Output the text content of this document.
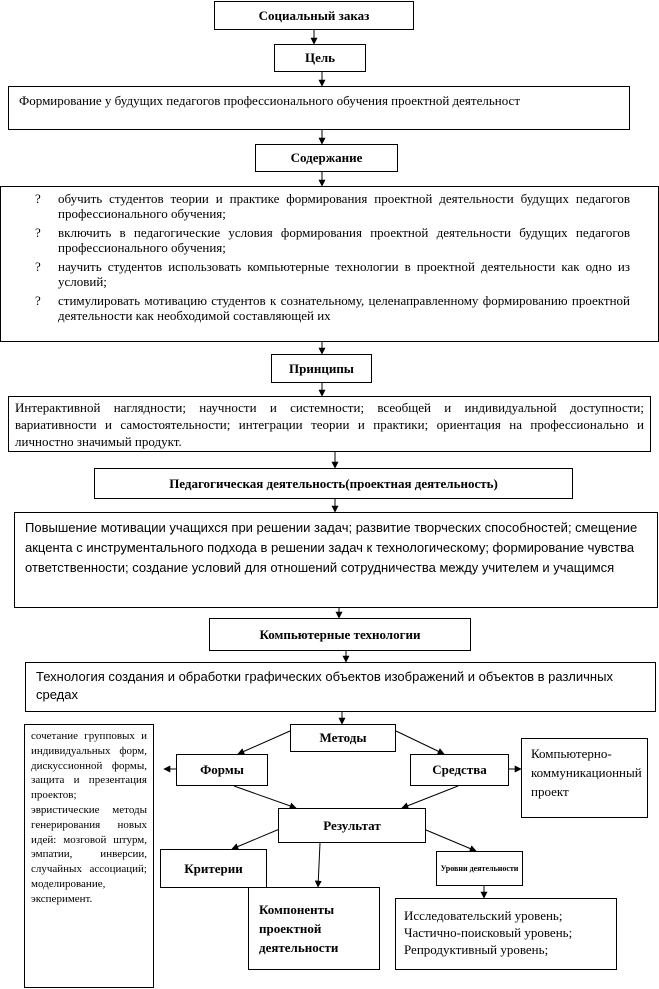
Социальный заказ
Цель
Формирование у будущих педагогов профессионального обучения проектной деятельност
Содержание
? обучить студентов теории и практике формирования проектной деятельности будущих педагогов профессионального обучения;
? включить в педагогические условия формирования проектной деятельности будущих педагогов профессионального обучения;
? научить студентов использовать компьютерные технологии в проектной деятельности как одно из условий;
? стимулировать мотивацию студентов к сознательному, целенаправленному формированию проектной деятельности как необходимой составляющей их
Принципы
Интерактивной наглядности; научности и системности; всеобщей и индивидуальной доступности; вариативности и самостоятельности; интеграции теории и практики; ориентация на профессионально и личностно значимый продукт.
Педагогическая деятельность(проектная деятельность)
Повышение мотивации учащихся при решении задач; развитие творческих способностей; смещение акцента с инструментального подхода в решении задач к технологическому; формирование чувства ответственности; создание условий для отношений сотрудничества между учителем и учащимся
Компьютерные технологии
Технология создания и обработки графических объектов изображений и объектов в различных средах
Методы
Формы	Средства
сочетание групповых и индивидуальных форм, дискуссионной формы, защита и презентация проектов; эвристические методы генерирования новых идей: мозговой штурм, эмпатии, инверсии, случайных ассоциаций; моделирование, эксперимент.
Компьютерно-коммуникационный проект
Результат
Критерии	Уровни деятельности
Компоненты проектной деятельности
Исследовательский уровень;
Частично-поисковый уровень;
Репродуктивный уровень;
